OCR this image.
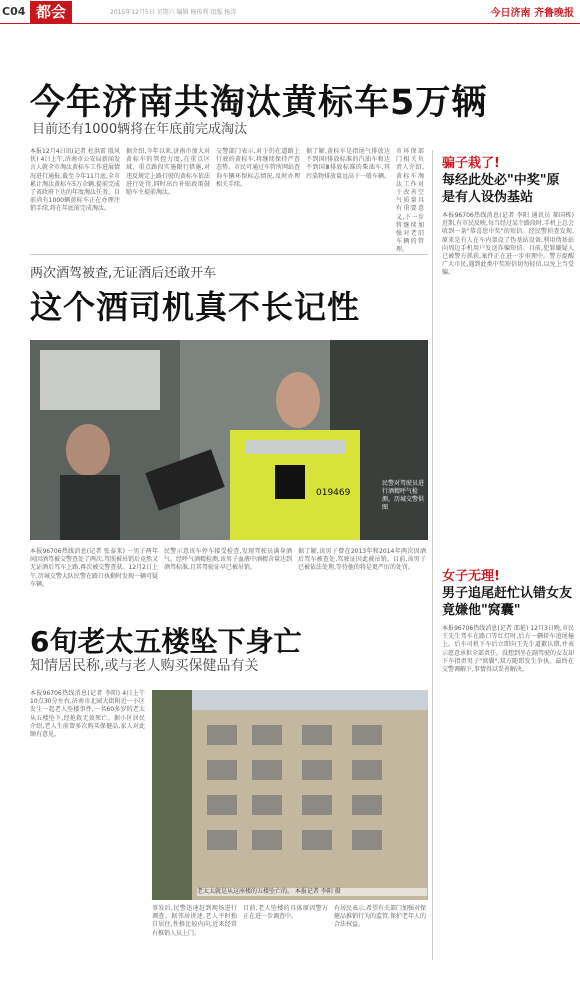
C04 都会	2015年12月5日 星期六 编辑 杨传利 组版 杨涛	今日济南 齐鲁晚报
今年济南共淘汰黄标车5万辆
目前还有1000辆将在年底前完成淘汰
本报12月4日讯(记者 杜洪雷 殷风侠) 4日上午,济南市公安局新闻发言人就全市淘汰黄标车工作进展情况进行通报,截至今年11月底,全市累计淘汰黄标车5万余辆,提前完成了省政府下达的年度淘汰任务。目前尚有1000辆黄标车正在办理注销手续,将在年底前完成淘汰。
据介绍,今年以来,济南市加大对黄标车的管控力度,在重点区域、重点路段实施限行措施,对违反规定上路行驶的黄标车依法进行处罚,同时出台补贴政策鼓励车主提前淘汰。
交警部门表示,对于仍在道路上行驶的黄标车,将继续保持严查态势。市民可通过车管所网站查询车辆环保标志情况,及时办理相关手续。
据了解,黄标车是指尾气排放达不到国Ⅰ排放标准的汽油车和达不到国Ⅲ排放标准的柴油车,其污染物排放量远高于一般车辆。
市环保部门相关负责人介绍,黄标车淘汰工作对于改善空气质量具有重要意义,下一步将继续加强对老旧车辆的管理。
骗子栽了!
每经此处必"中奖"原是有人设伪基站
本报96706热线消息(记者 李阳 通讯员 郝国栋) 近期,有市民反映,每当经过某个路段时,手机上总会收到一条"恭喜您中奖"的短信。经民警侦查发现,原来是有人在车内架设了伪基站设备,利用伪基站向周边手机用户发送诈骗短信。目前,犯罪嫌疑人已被警方抓获,案件正在进一步审理中。警方提醒广大市民,遇到此类中奖短信切勿轻信,以免上当受骗。
女子无理!
男子追尾赶忙认错女友竟嫌他"窝囊"
本报96706热线消息(记者 邵艳) 12月3日晚,市民王先生驾车在路口等红灯时,后方一辆轿车追尾撞上。后车司机下车后立即向王先生道歉认错,并表示愿意承担全部责任。没想到坐在副驾驶的女友却下车指责男子"窝囊",双方随即发生争执。最终在交警调解下,事情得以妥善解决。
两次酒驾被查,无证酒后还敢开车
这个酒司机真不长记性
019469
民警对驾驶员进行酒精呼气检测。历城交警供图
本报96706热线消息(记者 张泰来) 一男子两年间因酒驾被交警查处了两次,驾照被吊销后竟然又无证酒后驾车上路,再次被交警查获。12月2日上午,历城交警大队民警在路口执勤时发现一辆可疑车辆。
民警示意该车停车接受检查,发现驾驶员满身酒气。经呼气酒精检测,该男子血液中酒精含量达到酒驾标准,且其驾驶证早已被吊销。
据了解,该男子曾在2013年和2014年两次因酒后驾车被查处,驾驶证因此被吊销。目前,该男子已被依法处理,等待他的将是更严厉的处罚。
6旬老太五楼坠下身亡
知情居民称,或与老人购买保健品有关
本报96706热线消息(记者 李阳) 4日上午10点30分左右,济南市北园大街附近一小区发生一起老人坠楼事件,一名60多岁的老太从五楼坠下,经抢救无效死亡。据小区居民介绍,老人生前曾多次购买保健品,家人对此颇有意见。
老太太就是从这座楼的五楼坠亡的。 本报记者 李阳 摄
事发后,民警迅速赶到现场进行调查。据邻居讲述,老人平时独自居住,性格比较内向,近来经常有推销人员上门。
目前,老人坠楼的具体原因警方正在进一步调查中。
有居民表示,希望有关部门加强对保健品推销行为的监管,保护老年人的合法权益。
